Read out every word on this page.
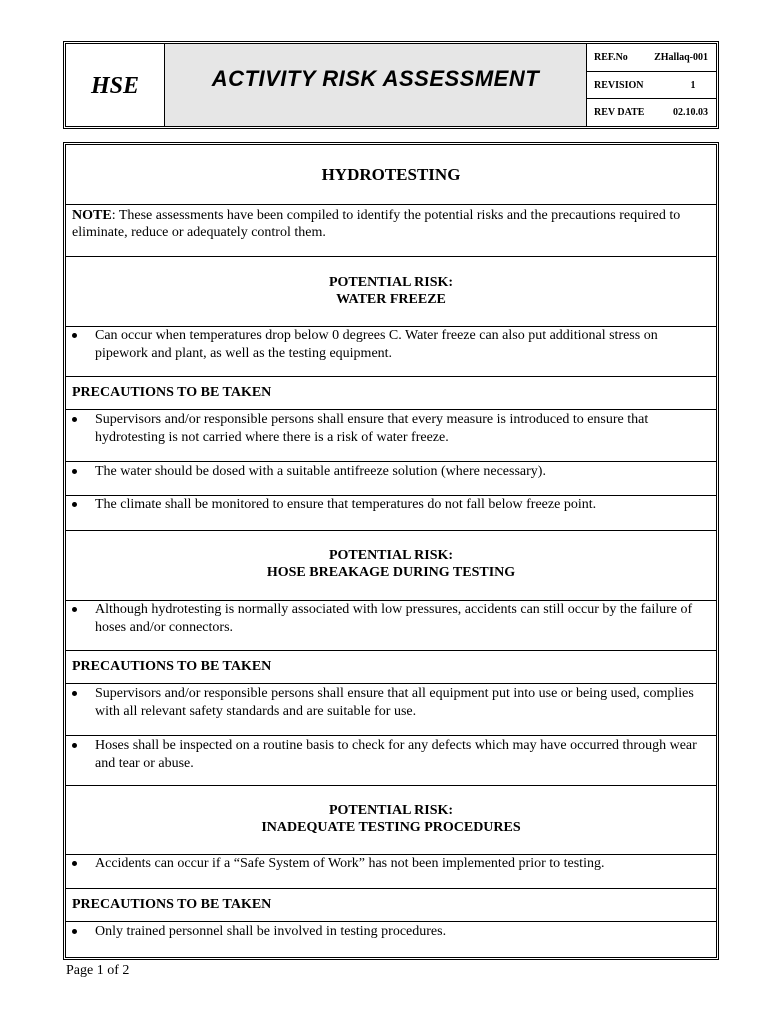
HSE	ACTIVITY RISK ASSESSMENT
REF.No	ZHallaq-001
REVISION	1
REV DATE	02.10.03
HYDROTESTING
NOTE: These assessments have been compiled to identify the potential risks and the precautions required to eliminate, reduce or adequately control them.
POTENTIAL RISK:
WATER FREEZE
Can occur when temperatures drop below 0 degrees C. Water freeze can also put additional stress on pipework and plant, as well as the testing equipment.
PRECAUTIONS TO BE TAKEN
Supervisors and/or responsible persons shall ensure that every measure is introduced to ensure that hydrotesting is not carried where there is a risk of water freeze.
The water should be dosed with a suitable antifreeze solution (where necessary).
The climate shall be monitored to ensure that temperatures do not fall below freeze point.
POTENTIAL RISK:
HOSE BREAKAGE DURING TESTING
Although hydrotesting is normally associated with low pressures, accidents can still occur by the failure of hoses and/or connectors.
PRECAUTIONS TO BE TAKEN
Supervisors and/or responsible persons shall ensure that all equipment put into use or being used, complies with all relevant safety standards and are suitable for use.
Hoses shall be inspected on a routine basis to check for any defects which may have occurred through wear and tear or abuse.
POTENTIAL RISK:
INADEQUATE TESTING PROCEDURES
Accidents can occur if a “Safe System of Work” has not been implemented prior to testing.
PRECAUTIONS TO BE TAKEN
Only trained personnel shall be involved in testing procedures.
Page 1 of 2
